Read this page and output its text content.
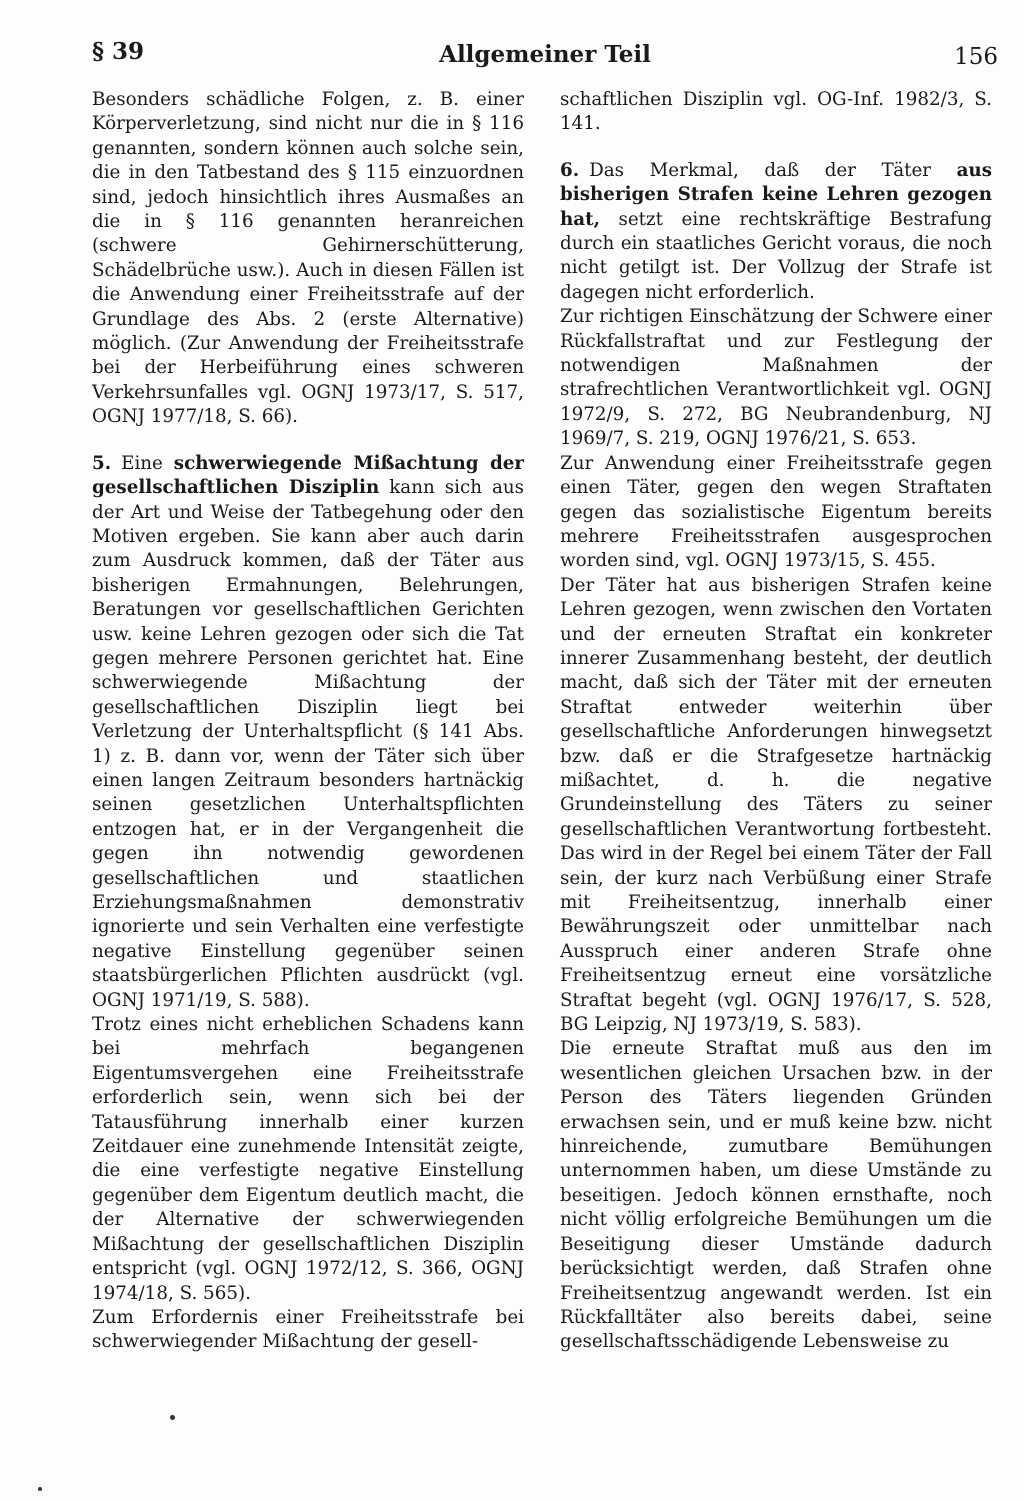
§ 39	Allgemeiner Teil	156

Besonders schädliche Folgen, z. B. einer Körperverletzung, sind nicht nur die in § 116 genannten, sondern können auch solche sein, die in den Tatbestand des § 115 einzuordnen sind, jedoch hinsichtlich ihres Ausmaßes an die in § 116 genannten heranreichen (schwere Gehirnerschütterung, Schädelbrüche usw.). Auch in diesen Fällen ist die Anwendung einer Freiheitsstrafe auf der Grundlage des Abs. 2 (erste Alternative) möglich. (Zur Anwendung der Freiheitsstrafe bei der Herbeiführung eines schweren Verkehrsunfalles vgl. OGNJ 1973/17, S. 517, OGNJ 1977/18, S. 66).

5. Eine schwerwiegende Mißachtung der gesellschaftlichen Disziplin kann sich aus der Art und Weise der Tatbegehung oder den Motiven ergeben. Sie kann aber auch darin zum Ausdruck kommen, daß der Täter aus bisherigen Ermahnungen, Belehrungen, Beratungen vor gesellschaftlichen Gerichten usw. keine Lehren gezogen oder sich die Tat gegen mehrere Personen gerichtet hat. Eine schwerwiegende Mißachtung der gesellschaftlichen Disziplin liegt bei Verletzung der Unterhaltspflicht (§ 141 Abs. 1) z. B. dann vor, wenn der Täter sich über einen langen Zeitraum besonders hartnäckig seinen gesetzlichen Unterhaltspflichten entzogen hat, er in der Vergangenheit die gegen ihn notwendig gewordenen gesellschaftlichen und staatlichen Erziehungsmaßnahmen demonstrativ ignorierte und sein Verhalten eine verfestigte negative Einstellung gegenüber seinen staatsbürgerlichen Pflichten ausdrückt (vgl. OGNJ 1971/19, S. 588).

Trotz eines nicht erheblichen Schadens kann bei mehrfach begangenen Eigentumsvergehen eine Freiheitsstrafe erforderlich sein, wenn sich bei der Tatausführung innerhalb einer kurzen Zeitdauer eine zunehmende Intensität zeigte, die eine verfestigte negative Einstellung gegenüber dem Eigentum deutlich macht, die der Alternative der schwerwiegenden Mißachtung der gesellschaftlichen Disziplin entspricht (vgl. OGNJ 1972/12, S. 366, OGNJ 1974/18, S. 565).

Zum Erfordernis einer Freiheitsstrafe bei schwerwiegender Mißachtung der gesell-

schaftlichen Disziplin vgl. OG-Inf. 1982/3, S. 141.

6. Das Merkmal, daß der Täter aus bisherigen Strafen keine Lehren gezogen hat, setzt eine rechtskräftige Bestrafung durch ein staatliches Gericht voraus, die noch nicht getilgt ist. Der Vollzug der Strafe ist dagegen nicht erforderlich.

Zur richtigen Einschätzung der Schwere einer Rückfallstraftat und zur Festlegung der notwendigen Maßnahmen der strafrechtlichen Verantwortlichkeit vgl. OGNJ 1972/9, S. 272, BG Neubrandenburg, NJ 1969/7, S. 219, OGNJ 1976/21, S. 653.

Zur Anwendung einer Freiheitsstrafe gegen einen Täter, gegen den wegen Straftaten gegen das sozialistische Eigentum bereits mehrere Freiheitsstrafen ausgesprochen worden sind, vgl. OGNJ 1973/15, S. 455.

Der Täter hat aus bisherigen Strafen keine Lehren gezogen, wenn zwischen den Vortaten und der erneuten Straftat ein konkreter innerer Zusammenhang besteht, der deutlich macht, daß sich der Täter mit der erneuten Straftat entweder weiterhin über gesellschaftliche Anforderungen hinwegsetzt bzw. daß er die Strafgesetze hartnäckig mißachtet, d. h. die negative Grundeinstellung des Täters zu seiner gesellschaftlichen Verantwortung fortbesteht. Das wird in der Regel bei einem Täter der Fall sein, der kurz nach Verbüßung einer Strafe mit Freiheitsentzug, innerhalb einer Bewährungszeit oder unmittelbar nach Ausspruch einer anderen Strafe ohne Freiheitsentzug erneut eine vorsätzliche Straftat begeht (vgl. OGNJ 1976/17, S. 528, BG Leipzig, NJ 1973/19, S. 583).

Die erneute Straftat muß aus den im wesentlichen gleichen Ursachen bzw. in der Person des Täters liegenden Gründen erwachsen sein, und er muß keine bzw. nicht hinreichende, zumutbare Bemühungen unternommen haben, um diese Umstände zu beseitigen. Jedoch können ernsthafte, noch nicht völlig erfolgreiche Bemühungen um die Beseitigung dieser Umstände dadurch berücksichtigt werden, daß Strafen ohne Freiheitsentzug angewandt werden. Ist ein Rückfalltäter also bereits dabei, seine gesellschaftsschädigende Lebensweise zu
